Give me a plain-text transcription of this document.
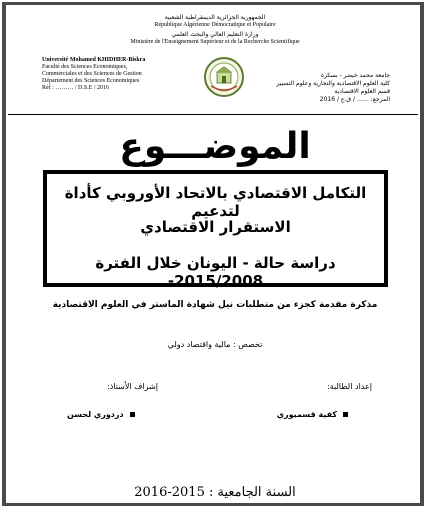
الجمهورية الجزائرية الديمقراطية الشعبية
République Algérienne Démocratique et Populaire
وزارة التعليم العالي والبحث العلمي
Ministère de l'Enseignement Supérieur et de la Recherche Scientifique
Université Mohamed KHIDHER-Biskra
Faculté des Sciences Economiques,
Commerciales et des Sciences de Gestion
Département des Sciences Economiques
Réf : ……… / D.S.E / 2016
جامعة محمد خيضر - بسكرة
كلية العلوم الاقتصادية والتجارية وعلوم التسيير
قسم العلوم الاقتصادية
المرجع: …… / ق.ع / 2016
الموضـــوع
التكامل الاقتصادي بالاتحاد الأوروبي كأداة لتدعيم
الاستقرار الاقتصادي
دراسة حالة - اليونان خلال الفترة 2015/2008-
مذكرة مقدمة كجزء من متطلبات نيل شهادة الماستر في العلوم الاقتصادية
تخصص : مالية واقتصاد دولي
إعداد الطالبة:
إشراف الأستاذ:
كفية قسميوري
دردوري لحسن
السنة الجامعية : 2015-2016
